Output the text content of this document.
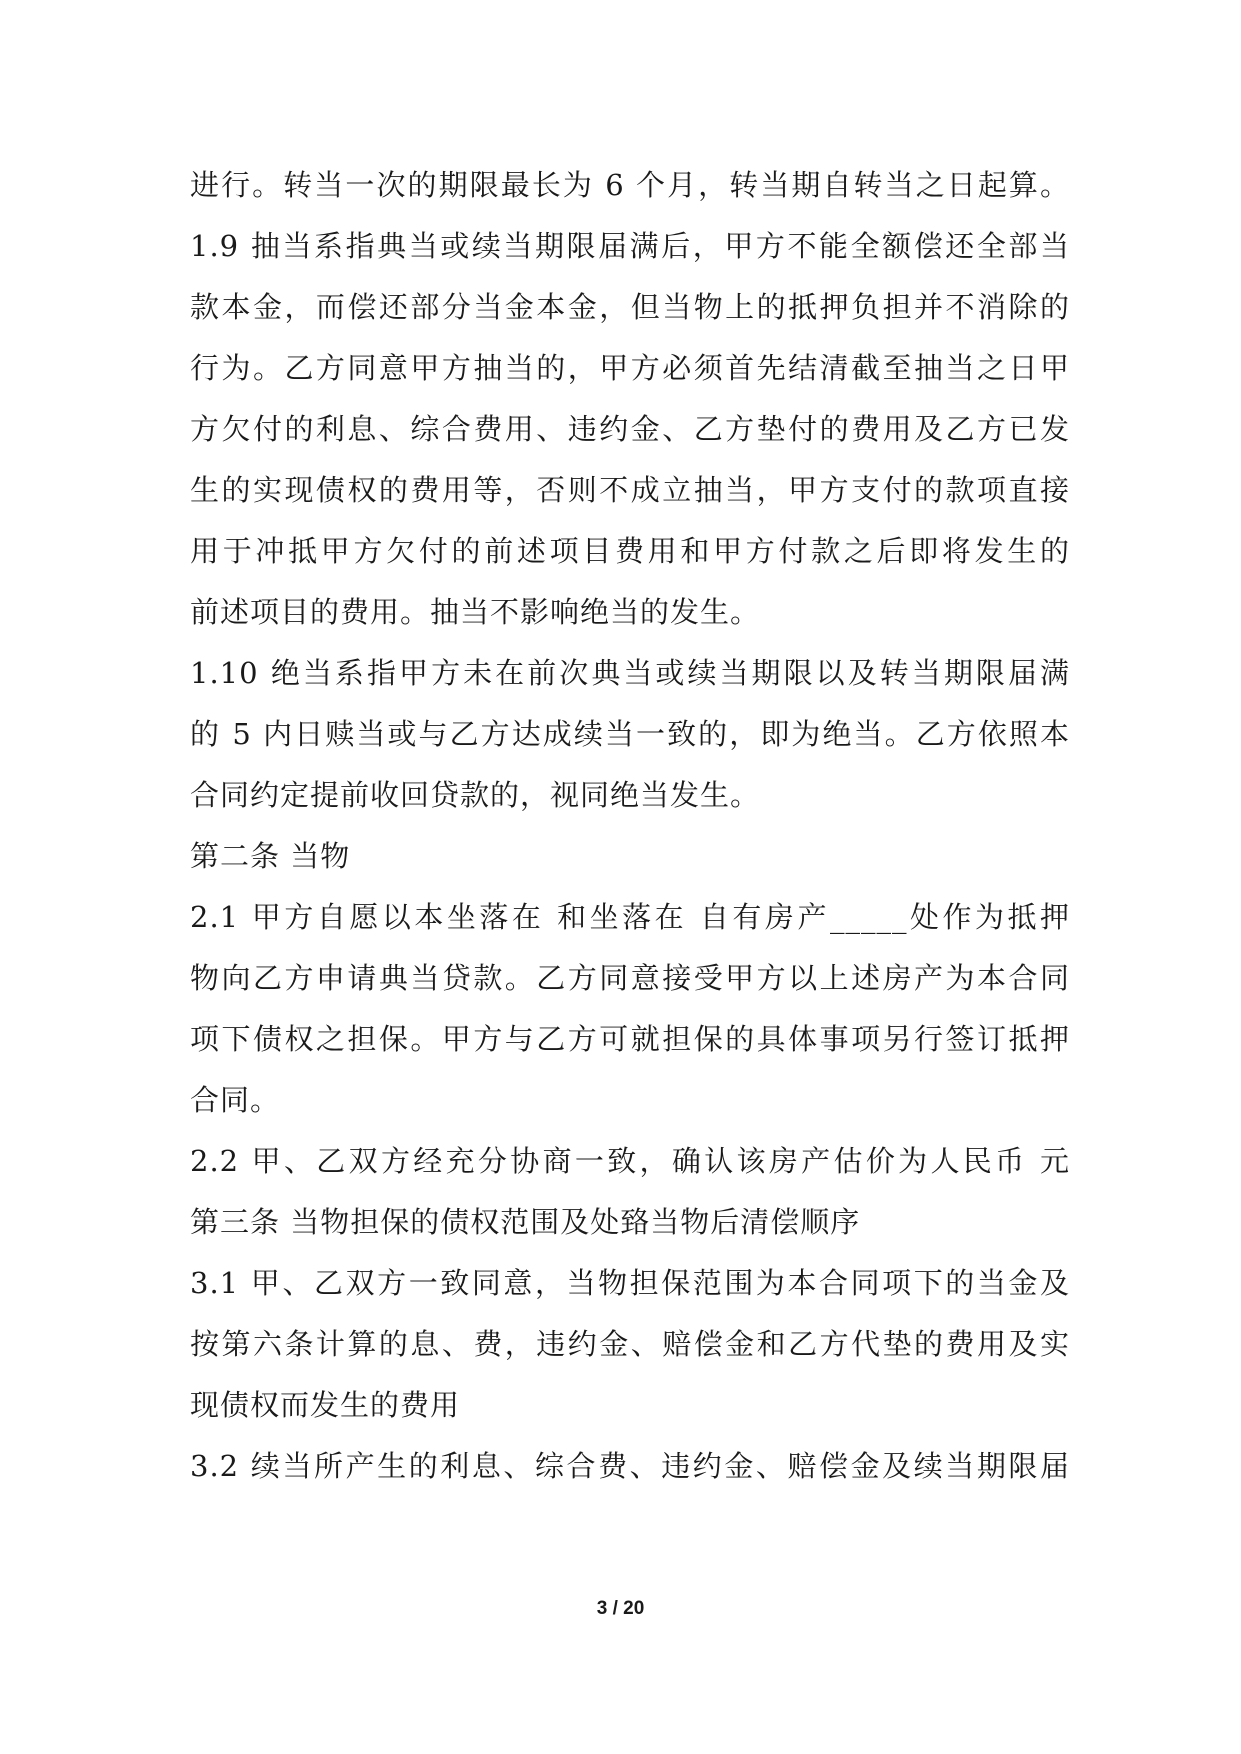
进行。转当一次的期限最长为 6 个月，转当期自转当之日起算。
1.9 抽当系指典当或续当期限届满后，甲方不能全额偿还全部当
款本金，而偿还部分当金本金，但当物上的抵押负担并不消除的
行为。乙方同意甲方抽当的，甲方必须首先结清截至抽当之日甲
方欠付的利息、综合费用、违约金、乙方垫付的费用及乙方已发
生的实现债权的费用等，否则不成立抽当，甲方支付的款项直接
用于冲抵甲方欠付的前述项目费用和甲方付款之后即将发生的
前述项目的费用。抽当不影响绝当的发生。
1.10 绝当系指甲方未在前次典当或续当期限以及转当期限届满
的 5 内日赎当或与乙方达成续当一致的，即为绝当。乙方依照本
合同约定提前收回贷款的，视同绝当发生。
第二条 当物
2.1 甲方自愿以本坐落在 和坐落在 自有房产_____处作为抵押
物向乙方申请典当贷款。乙方同意接受甲方以上述房产为本合同
项下债权之担保。甲方与乙方可就担保的具体事项另行签订抵押
合同。
2.2 甲、乙双方经充分协商一致，确认该房产估价为人民币 元
第三条 当物担保的债权范围及处臵当物后清偿顺序
3.1 甲、乙双方一致同意，当物担保范围为本合同项下的当金及
按第六条计算的息、费，违约金、赔偿金和乙方代垫的费用及实
现债权而发生的费用
3.2 续当所产生的利息、综合费、违约金、赔偿金及续当期限届
3 / 20
